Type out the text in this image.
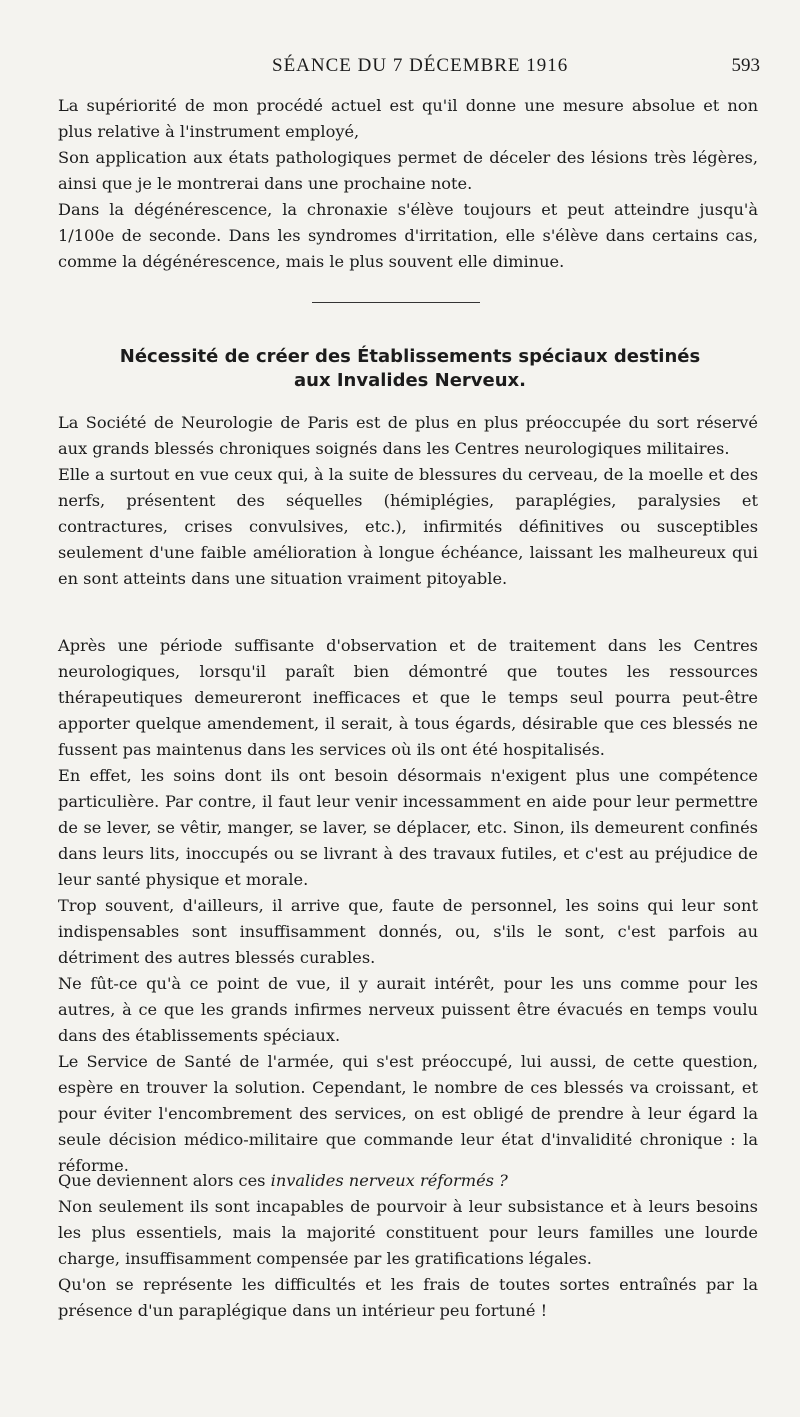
SÉANCE DU 7 DÉCEMBRE 1916	593

La supériorité de mon procédé actuel est qu'il donne une mesure absolue et non plus relative à l'instrument employé,

Son application aux états pathologiques permet de déceler des lésions très légères, ainsi que je le montrerai dans une prochaine note.

Dans la dégénérescence, la chronaxie s'élève toujours et peut atteindre jusqu'à 1/100e de seconde. Dans les syndromes d'irritation, elle s'élève dans certains cas, comme la dégénérescence, mais le plus souvent elle diminue.

Nécessité de créer des Établissements spéciaux destinés
aux Invalides Nerveux.

La Société de Neurologie de Paris est de plus en plus préoccupée du sort réservé aux grands blessés chroniques soignés dans les Centres neurologiques militaires.

Elle a surtout en vue ceux qui, à la suite de blessures du cerveau, de la moelle et des nerfs, présentent des séquelles (hémiplégies, paraplégies, paralysies et contractures, crises convulsives, etc.), infirmités définitives ou susceptibles seulement d'une faible amélioration à longue échéance, laissant les malheureux qui en sont atteints dans une situation vraiment pitoyable.

Après une période suffisante d'observation et de traitement dans les Centres neurologiques, lorsqu'il paraît bien démontré que toutes les ressources thérapeutiques demeureront inefficaces et que le temps seul pourra peut-être apporter quelque amendement, il serait, à tous égards, désirable que ces blessés ne fussent pas maintenus dans les services où ils ont été hospitalisés.

En effet, les soins dont ils ont besoin désormais n'exigent plus une compétence particulière. Par contre, il faut leur venir incessamment en aide pour leur permettre de se lever, se vêtir, manger, se laver, se déplacer, etc. Sinon, ils demeurent confinés dans leurs lits, inoccupés ou se livrant à des travaux futiles, et c'est au préjudice de leur santé physique et morale.

Trop souvent, d'ailleurs, il arrive que, faute de personnel, les soins qui leur sont indispensables sont insuffisamment donnés, ou, s'ils le sont, c'est parfois au détriment des autres blessés curables.

Ne fût-ce qu'à ce point de vue, il y aurait intérêt, pour les uns comme pour les autres, à ce que les grands infirmes nerveux puissent être évacués en temps voulu dans des établissements spéciaux.

Le Service de Santé de l'armée, qui s'est préoccupé, lui aussi, de cette question, espère en trouver la solution. Cependant, le nombre de ces blessés va croissant, et pour éviter l'encombrement des services, on est obligé de prendre à leur égard la seule décision médico-militaire que commande leur état d'invalidité chronique : la réforme.

Que deviennent alors ces invalides nerveux réformés ?

Non seulement ils sont incapables de pourvoir à leur subsistance et à leurs besoins les plus essentiels, mais la majorité constituent pour leurs familles une lourde charge, insuffisamment compensée par les gratifications légales.

Qu'on se représente les difficultés et les frais de toutes sortes entraînés par la présence d'un paraplégique dans un intérieur peu fortuné !
